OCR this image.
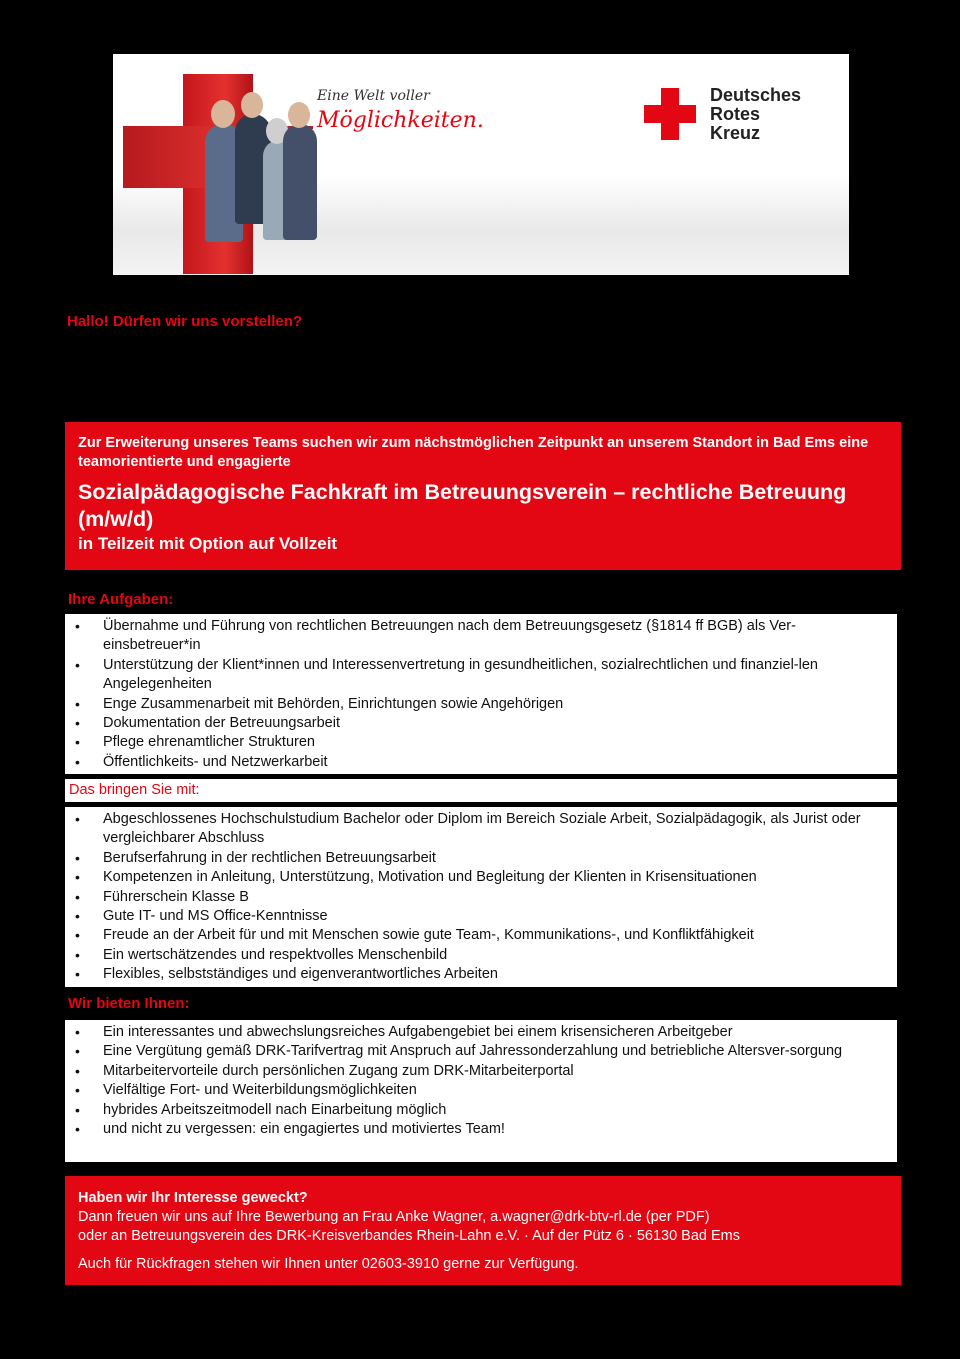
Eine Welt voller
Möglichkeiten.
Deutsches
Rotes
Kreuz
Hallo! Dürfen wir uns vorstellen?

Zur Erweiterung unseres Teams suchen wir zum nächstmöglichen Zeitpunkt an unserem Standort in Bad Ems eine teamorientierte und engagierte

Sozialpädagogische Fachkraft im Betreuungsverein – rechtliche Betreuung (m/w/d)
in Teilzeit mit Option auf Vollzeit
Ihre Aufgaben:
• Übernahme und Führung von rechtlichen Betreuungen nach dem Betreuungsgesetz (§1814 ff BGB) als Ver-einsbetreuer*in
• Unterstützung der Klient*innen und Interessenvertretung in gesundheitlichen, sozialrechtlichen und finanziel-len Angelegenheiten
• Enge Zusammenarbeit mit Behörden, Einrichtungen sowie Angehörigen
• Dokumentation der Betreuungsarbeit
• Pflege ehrenamtlicher Strukturen
• Öffentlichkeits- und Netzwerkarbeit
Das bringen Sie mit:
• Abgeschlossenes Hochschulstudium Bachelor oder Diplom im Bereich Soziale Arbeit, Sozialpädagogik, als Jurist oder vergleichbarer Abschluss
• Berufserfahrung in der rechtlichen Betreuungsarbeit
• Kompetenzen in Anleitung, Unterstützung, Motivation und Begleitung der Klienten in Krisensituationen
• Führerschein Klasse B
• Gute IT- und MS Office-Kenntnisse
• Freude an der Arbeit für und mit Menschen sowie gute Team-, Kommunikations-, und Konfliktfähigkeit
• Ein wertschätzendes und respektvolles Menschenbild
• Flexibles, selbstständiges und eigenverantwortliches Arbeiten
Wir bieten Ihnen:
• Ein interessantes und abwechslungsreiches Aufgabengebiet bei einem krisensicheren Arbeitgeber
• Eine Vergütung gemäß DRK-Tarifvertrag mit Anspruch auf Jahressonderzahlung und betriebliche Altersver-sorgung
• Mitarbeitervorteile durch persönlichen Zugang zum DRK-Mitarbeiterportal
• Vielfältige Fort- und Weiterbildungsmöglichkeiten
• hybrides Arbeitszeitmodell nach Einarbeitung möglich
• und nicht zu vergessen: ein engagiertes und motiviertes Team!
Haben wir Ihr Interesse geweckt?
Dann freuen wir uns auf Ihre Bewerbung an Frau Anke Wagner, a.wagner@drk-btv-rl.de (per PDF)
oder an Betreuungsverein des DRK-Kreisverbandes Rhein-Lahn e.V. · Auf der Pütz 6 · 56130 Bad Ems
Auch für Rückfragen stehen wir Ihnen unter 02603-3910 gerne zur Verfügung.
